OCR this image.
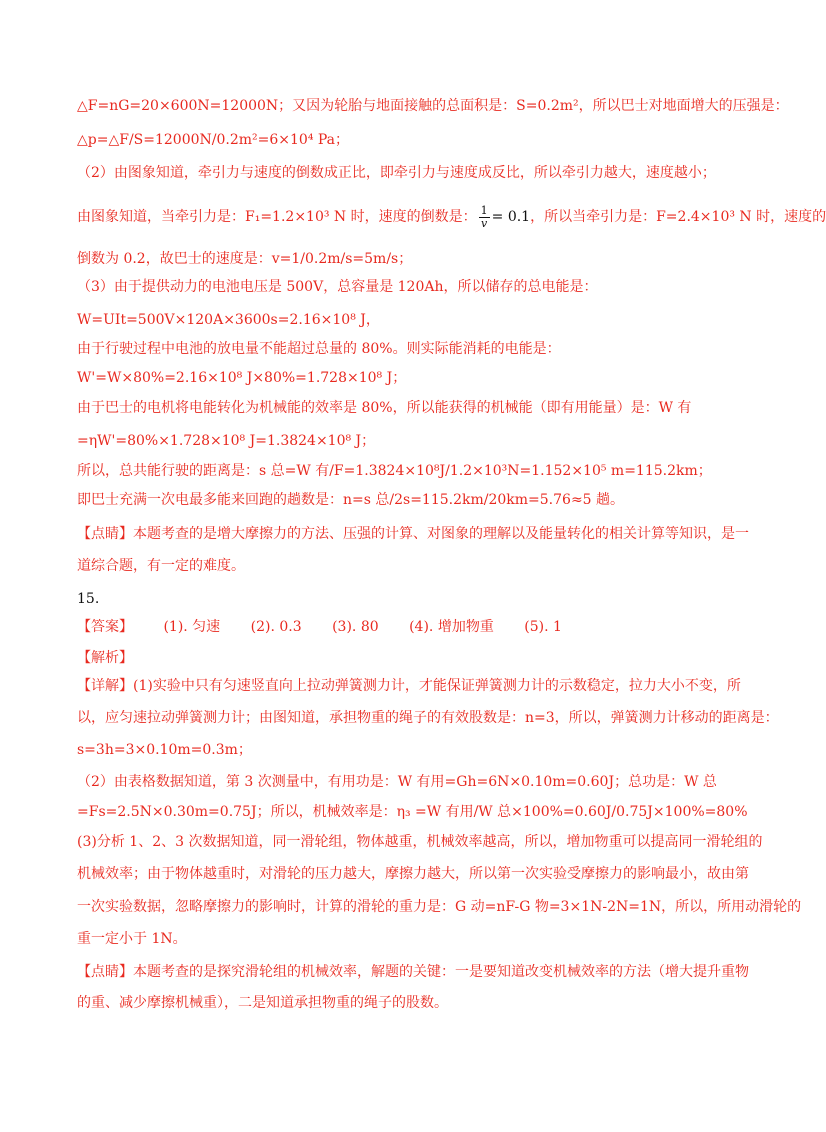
△F=nG=20×600N=12000N；又因为轮胎与地面接触的总面积是：S=0.2m²，所以巴士对地面增大的压强是：
△p=△F/S=12000N/0.2m²=6×10⁴ Pa；
（2）由图象知道，牵引力与速度的倒数成正比，即牵引力与速度成反比，所以牵引力越大，速度越小；
由图象知道，当牵引力是：F₁=1.2×10³ N 时，速度的倒数是： $\frac{1}{v} = 0.1$，所以当牵引力是：F=2.4×10³ N 时，速度的
倒数为 0.2，故巴士的速度是：v=1/0.2m/s=5m/s；
（3）由于提供动力的电池电压是 500V，总容量是 120Ah，所以储存的总电能是：
W=UIt=500V×120A×3600s=2.16×10⁸ J，
由于行驶过程中电池的放电量不能超过总量的 80%。则实际能消耗的电能是：
W'=W×80%=2.16×10⁸ J×80%=1.728×10⁸ J；
由于巴士的电机将电能转化为机械能的效率是 80%，所以能获得的机械能（即有用能量）是：W 有
=ηW'=80%×1.728×10⁸ J=1.3824×10⁸ J；
所以，总共能行驶的距离是：s 总=W 有/F=1.3824×10⁸J/1.2×10³N=1.152×10⁵ m=115.2km；
即巴士充满一次电最多能来回跑的趟数是：n=s 总/2s=115.2km/20km=5.76≈5 趟。
【点睛】本题考查的是增大摩擦力的方法、压强的计算、对图象的理解以及能量转化的相关计算等知识，是一
道综合题，有一定的难度。
15.
【答案】 (1). 匀速 (2). 0.3 (3). 80 (4). 增加物重 (5). 1
【解析】
【详解】(1)实验中只有匀速竖直向上拉动弹簧测力计，才能保证弹簧测力计的示数稳定，拉力大小不变，所
以，应匀速拉动弹簧测力计；由图知道，承担物重的绳子的有效股数是：n=3，所以，弹簧测力计移动的距离是：
s=3h=3×0.10m=0.3m；
（2）由表格数据知道，第 3 次测量中，有用功是：W 有用=Gh=6N×0.10m=0.60J；总功是：W 总
=Fs=2.5N×0.30m=0.75J；所以，机械效率是：η₃ =W 有用/W 总×100%=0.60J/0.75J×100%=80%
(3)分析 1、2、3 次数据知道，同一滑轮组，物体越重，机械效率越高，所以，增加物重可以提高同一滑轮组的
机械效率；由于物体越重时，对滑轮的压力越大，摩擦力越大，所以第一次实验受摩擦力的影响最小，故由第
一次实验数据，忽略摩擦力的影响时，计算的滑轮的重力是：G 动=nF-G 物=3×1N-2N=1N，所以，所用动滑轮的
重一定小于 1N。
【点睛】本题考查的是探究滑轮组的机械效率，解题的关键：一是要知道改变机械效率的方法（增大提升重物
的重、减少摩擦机械重），二是知道承担物重的绳子的股数。
